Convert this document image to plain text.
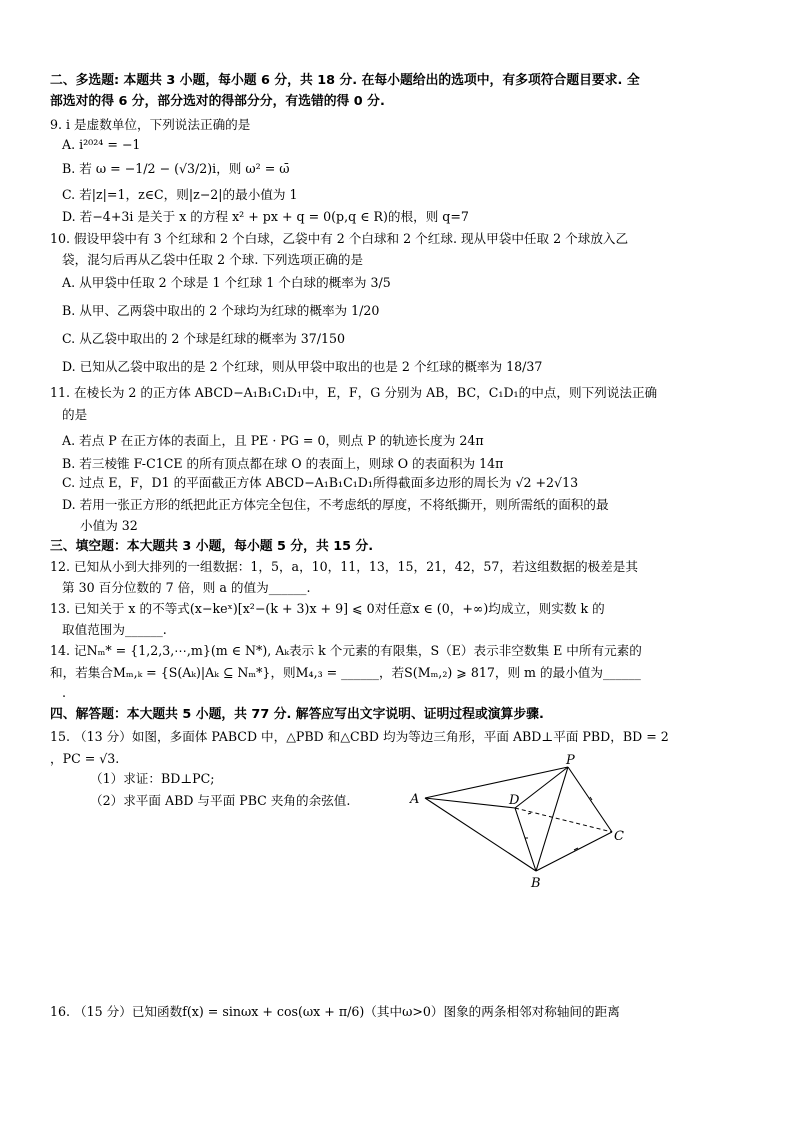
二、多选题: 本题共 3 小题，每小题 6 分，共 18 分. 在每小题给出的选项中，有多项符合题目要求. 全
部选对的得 6 分，部分选对的得部分分，有选错的得 0 分.
9. i 是虚数单位，下列说法正确的是
A. i²⁰²⁴ = −1
B. 若 ω = −1/2 − (√3/2)i，则 ω² = ω̄
C. 若|z|=1，z∈C，则|z−2|的最小值为 1
D. 若−4+3i 是关于 x 的方程 x² + px + q = 0(p,q ∈ R)的根，则 q=7
10. 假设甲袋中有 3 个红球和 2 个白球，乙袋中有 2 个白球和 2 个红球. 现从甲袋中任取 2 个球放入乙
袋，混匀后再从乙袋中任取 2 个球. 下列选项正确的是
A. 从甲袋中任取 2 个球是 1 个红球 1 个白球的概率为 3/5
B. 从甲、乙两袋中取出的 2 个球均为红球的概率为 1/20
C. 从乙袋中取出的 2 个球是红球的概率为 37/150
D. 已知从乙袋中取出的是 2 个红球，则从甲袋中取出的也是 2 个红球的概率为 18/37
11. 在棱长为 2 的正方体 ABCD−A₁B₁C₁D₁中，E，F，G 分别为 AB，BC，C₁D₁的中点，则下列说法正确
的是
A. 若点 P 在正方体的表面上，且 PE · PG = 0，则点 P 的轨迹长度为 24π
B. 若三棱锥 F-C1CE 的所有顶点都在球 O 的表面上，则球 O 的表面积为 14π
C. 过点 E，F，D1 的平面截正方体 ABCD−A₁B₁C₁D₁所得截面多边形的周长为 √2 +2√13
D. 若用一张正方形的纸把此正方体完全包住，不考虑纸的厚度，不将纸撕开，则所需纸的面积的最
小值为 32
三、填空题：本大题共 3 小题，每小题 5 分，共 15 分.
12. 已知从小到大排列的一组数据：1，5，a，10，11，13，15，21，42，57，若这组数据的极差是其
第 30 百分位数的 7 倍，则 a 的值为______.
13. 已知关于 x 的不等式(x−keˣ)[x²−(k + 3)x + 9] ⩽ 0对任意x ∈ (0，+∞)均成立，则实数 k 的
取值范围为______.
14. 记Nₘ* = {1,2,3,⋯,m}(m ∈ N*), Aₖ表示 k 个元素的有限集，S（E）表示非空数集 E 中所有元素的
和，若集合Mₘ,ₖ = {S(Aₖ)|Aₖ ⊆ Nₘ*}，则M₄,₃ = ______，若S(Mₘ,₂) ⩾ 817，则 m 的最小值为______
.
四、解答题：本大题共 5 小题，共 77 分. 解答应写出文字说明、证明过程或演算步骤.
15. （13 分）如图，多面体 PABCD 中，△PBD 和△CBD 均为等边三角形，平面 ABD⊥平面 PBD，BD = 2
，PC = √3.
（1）求证：BD⊥PC;
（2）求平面 ABD 与平面 PBC 夹角的余弦值.	A
P
D
C
B
16. （15 分）已知函数f(x) = sinωx + cos(ωx + π/6)（其中ω>0）图象的两条相邻对称轴间的距离
